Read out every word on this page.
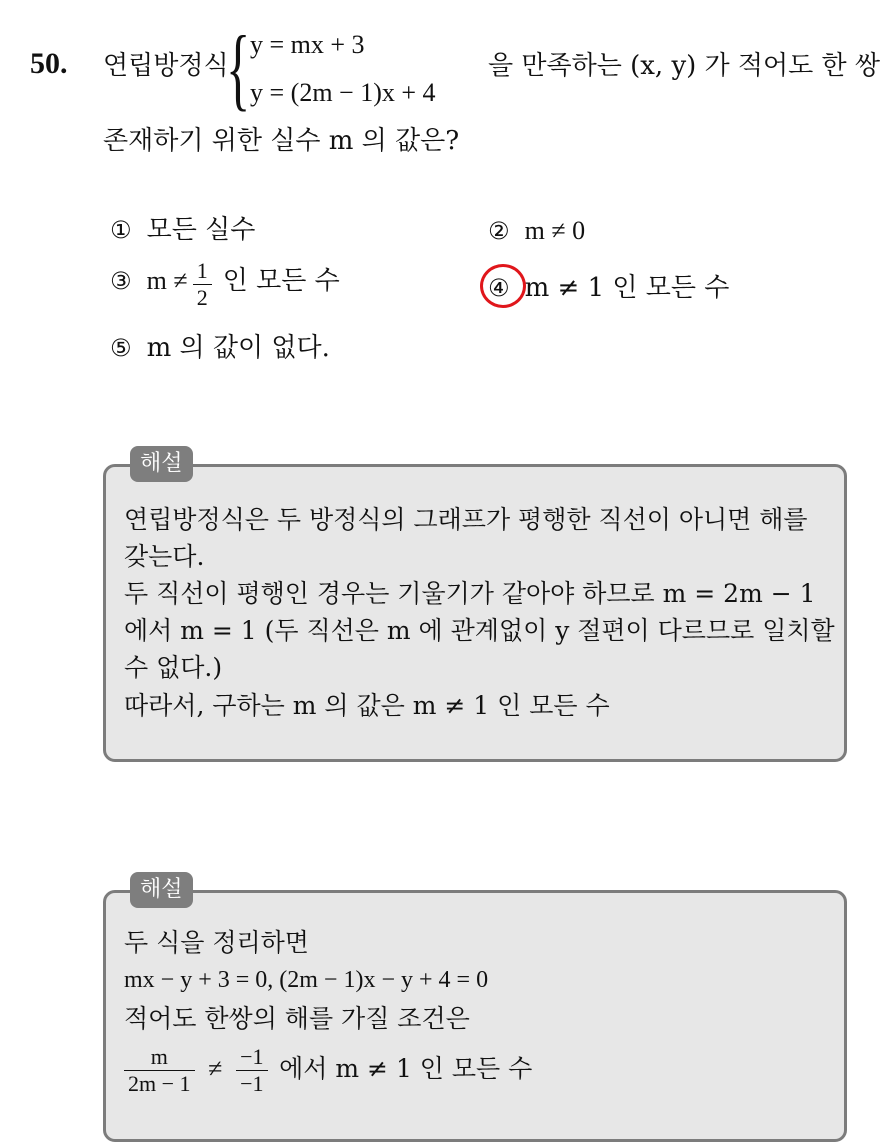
50. 연립방정식
{ y = mx + 3
y = (2m − 1)x + 4
을 만족하는 (x, y) 가 적어도 한 쌍
존재하기 위한 실수 m 의 값은?
① 모든 실수	② m ≠ 0
③ $m \ne \frac{1}{2}$ 인 모든 수	④ m ≠ 1 인 모든 수
⑤ m 의 값이 없다.
해설
연립방정식은 두 방정식의 그래프가 평행한 직선이 아니면 해를
갖는다.
두 직선이 평행인 경우는 기울기가 같아야 하므로 m = 2m − 1
에서 m = 1 (두 직선은 m 에 관계없이 y 절편이 다르므로 일치할
수 없다.)
따라서, 구하는 m 의 값은 m ≠ 1 인 모든 수
해설
두 식을 정리하면
mx − y + 3 = 0, (2m − 1)x − y + 4 = 0
적어도 한쌍의 해를 가질 조건은
$\frac{m}{2m - 1} \ne \frac{-1}{-1}$ 에서 m ≠ 1 인 모든 수
